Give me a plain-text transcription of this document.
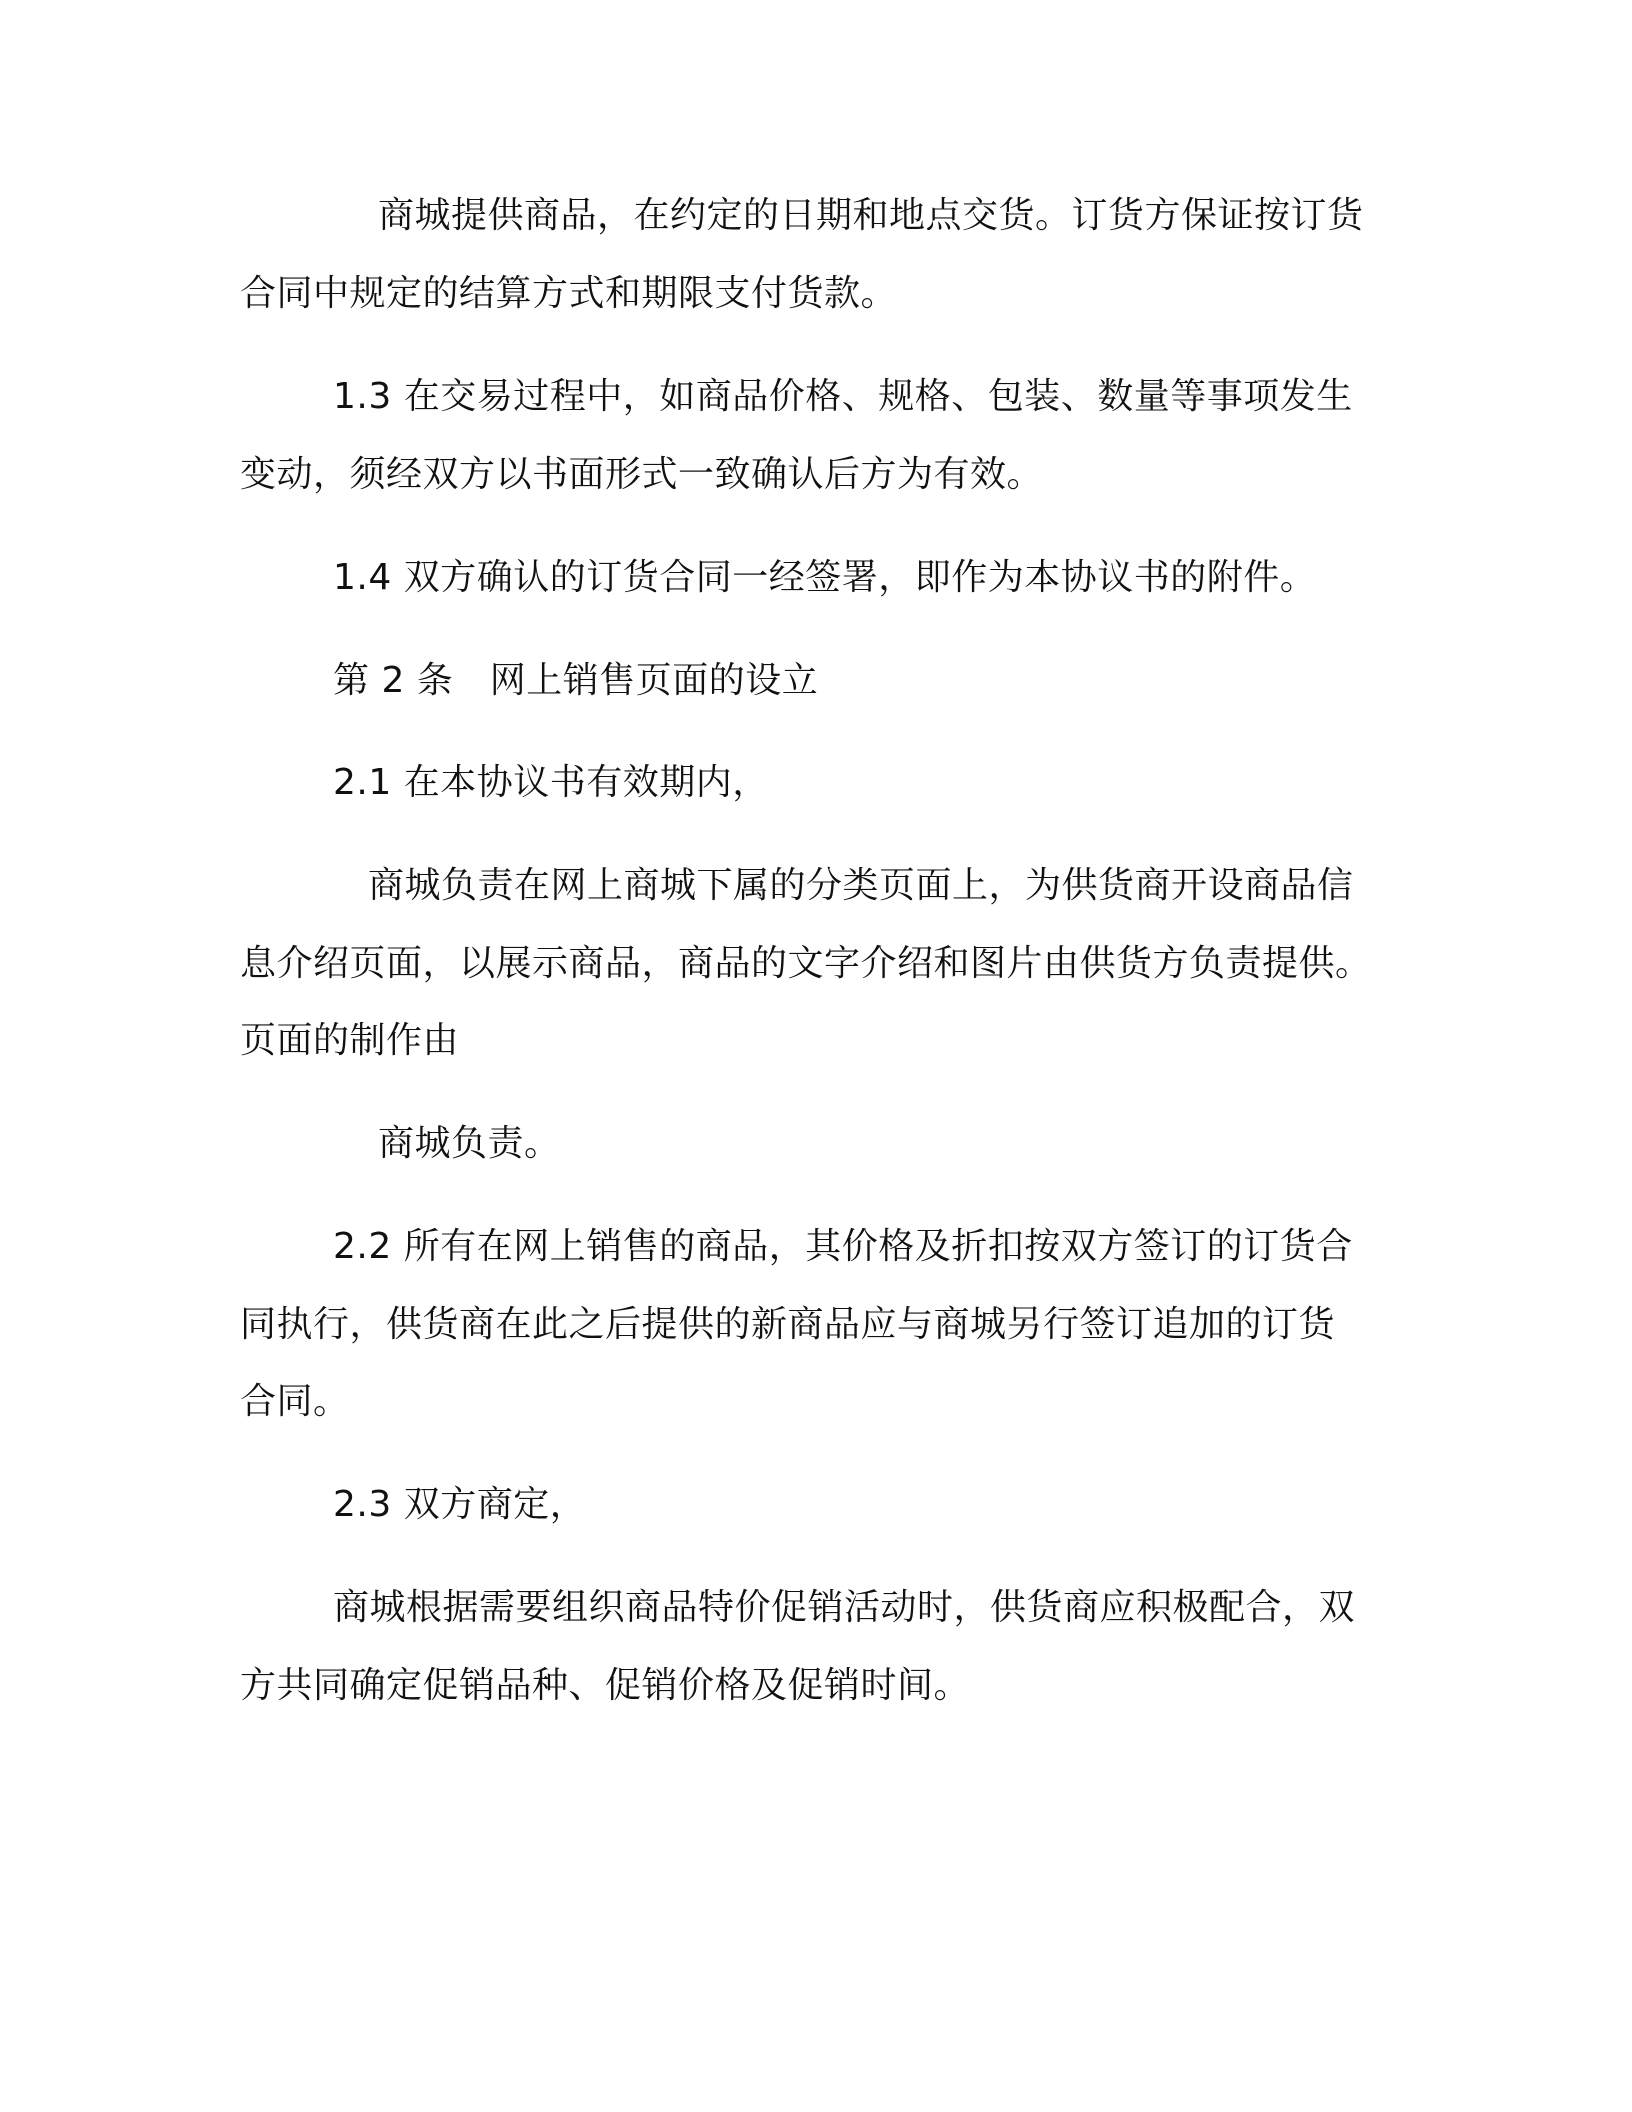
商城提供商品，在约定的日期和地点交货。订货方保证按订货
合同中规定的结算方式和期限支付货款。
1.3 在交易过程中，如商品价格、规格、包装、数量等事项发生
变动，须经双方以书面形式一致确认后方为有效。
1.4 双方确认的订货合同一经签署，即作为本协议书的附件。
第 2 条　网上销售页面的设立
2.1 在本协议书有效期内，
商城负责在网上商城下属的分类页面上，为供货商开设商品信
息介绍页面，以展示商品，商品的文字介绍和图片由供货方负责提供。
页面的制作由
商城负责。
2.2 所有在网上销售的商品，其价格及折扣按双方签订的订货合
同执行，供货商在此之后提供的新商品应与商城另行签订追加的订货
合同。
2.3 双方商定，
商城根据需要组织商品特价促销活动时，供货商应积极配合，双
方共同确定促销品种、促销价格及促销时间。
